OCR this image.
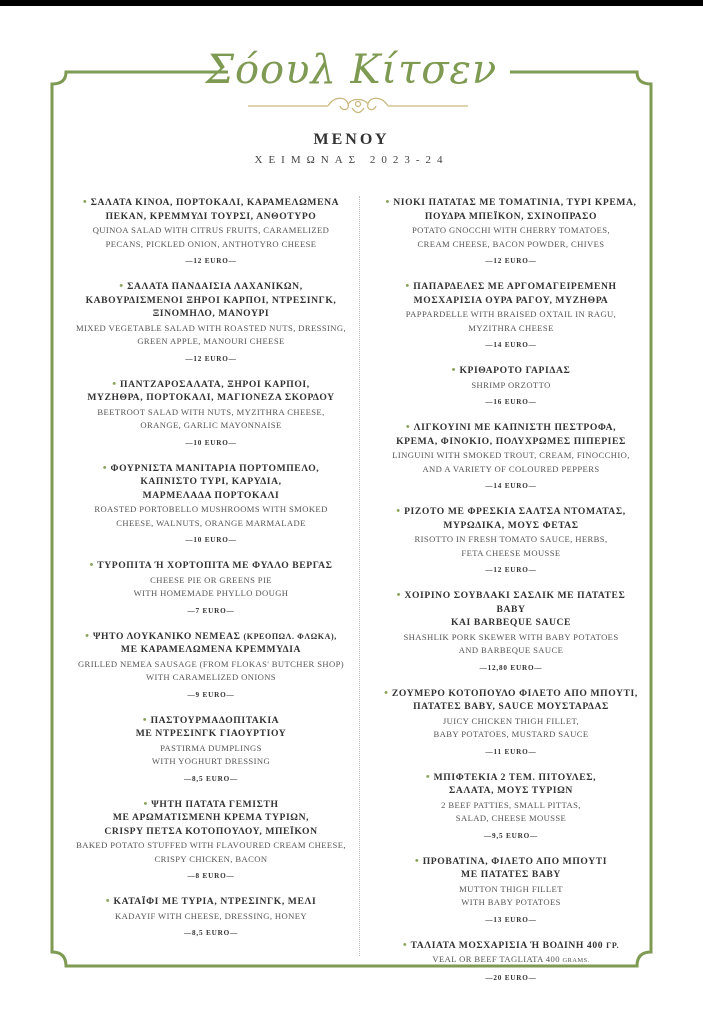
Σόουλ Κίτσεν
ΜΕΝΟΥ
ΧΕΙΜΩΝΑΣ 2023-24
• ΣΑΛΑΤΑ ΚΙΝΟΑ, ΠΟΡΤΟΚΑΛΙ, ΚΑΡΑΜΕΛΩΜΕΝΑ
ΠΕΚΑΝ, ΚΡΕΜΜΥΔΙ ΤΟΥΡΣΙ, ΑΝΘΟΤΥΡΟ
QUINOA SALAD WITH CITRUS FRUITS, CARAMELIZED
PECANS, PICKLED ONION, ANTHOTYRO CHEESE
—12 EURO—
• ΣΑΛΑΤΑ ΠΑΝΔΑΙΣΙΑ ΛΑΧΑΝΙΚΩΝ,
ΚΑΒΟΥΡΔΙΣΜΕΝΟΙ ΞΗΡΟΙ ΚΑΡΠΟΙ, ΝΤΡΕΣΙΝΓΚ,
ΞΙΝΟΜΗΛΟ, ΜΑΝΟΥΡΙ
MIXED VEGETABLE SALAD WITH ROASTED NUTS, DRESSING,
GREEN APPLE, MANOURI CHEESE
—12 EURO—
• ΠΑΝΤΖΑΡΟΣΑΛΑΤΑ, ΞΗΡΟΙ ΚΑΡΠΟΙ,
ΜΥΖΗΘΡΑ, ΠΟΡΤΟΚΑΛΙ, ΜΑΓΙΟΝΕΖΑ ΣΚΟΡΔΟΥ
BEETROOT SALAD WITH NUTS, MYZITHRA CHEESE,
ORANGE, GARLIC MAYONNAISE
—10 EURO—
• ΦΟΥΡΝΙΣΤΑ ΜΑΝΙΤΑΡΙΑ ΠΟΡΤΟΜΠΕΛΟ,
ΚΑΠΝΙΣΤΟ ΤΥΡΙ, ΚΑΡΥΔΙΑ,
ΜΑΡΜΕΛΑΔΑ ΠΟΡΤΟΚΑΛΙ
ROASTED PORTOBELLO MUSHROOMS WITH SMOKED
CHEESE, WALNUTS, ORANGE MARMALADE
—10 EURO—
• ΤΥΡΟΠΙΤΑ Ή ΧΟΡΤΟΠΙΤΑ ΜΕ ΦΥΛΛΟ ΒΕΡΓΑΣ
CHEESE PIE OR GREENS PIE
WITH HOMEMADE PHYLLO DOUGH
—7 EURO—
• ΨΗΤΟ ΛΟΥΚΑΝΙΚΟ ΝΕΜΕΑΣ (ΚΡΕΟΠΩΛ. ΦΛΩΚΑ),
ΜΕ ΚΑΡΑΜΕΛΩΜΕΝΑ ΚΡΕΜΜΥΔΙΑ
GRILLED NEMEA SAUSAGE (FROM FLOKAS' BUTCHER SHOP)
WITH CARAMELIZED ONIONS
—9 EURO—
• ΠΑΣΤΟΥΡΜΑΔΟΠΙΤΑΚΙΑ
ΜΕ ΝΤΡΕΣΙΝΓΚ ΓΙΑΟΥΡΤΙΟΥ
PASTIRMA DUMPLINGS
WITH YOGHURT DRESSING
—8,5 EURO—
• ΨΗΤΗ ΠΑΤΑΤΑ ΓΕΜΙΣΤΗ
ΜΕ ΑΡΩΜΑΤΙΣΜΕΝΗ ΚΡΕΜΑ ΤΥΡΙΩΝ,
CRISPY ΠΕΤΣΑ ΚΟΤΟΠΟΥΛΟΥ, ΜΠΕΪΚΟΝ
BAKED POTATO STUFFED WITH FLAVOURED CREAM CHEESE,
CRISPY CHICKEN, BACON
—8 EURO—
• ΚΑΤΑΪΦΙ ΜΕ ΤΥΡΙΑ, ΝΤΡΕΣΙΝΓΚ, ΜΕΛΙ
KADAYIF WITH CHEESE, DRESSING, HONEY
—8,5 EURO—
• ΝΙΟΚΙ ΠΑΤΑΤΑΣ ΜΕ ΤΟΜΑΤΙΝΙΑ, ΤΥΡΙ ΚΡΕΜΑ,
ΠΟΥΔΡΑ ΜΠΕΪΚΟΝ, ΣΧΙΝΟΠΡΑΣΟ
POTATO GNOCCHI WITH CHERRY TOMATOES,
CREAM CHEESE, BACON POWDER, CHIVES
—12 EURO—
• ΠΑΠΑΡΔΕΛΕΣ ΜΕ ΑΡΓΟΜΑΓΕΙΡΕΜΕΝΗ
ΜΟΣΧΑΡΙΣΙΑ ΟΥΡΑ ΡΑΓΟΥ, ΜΥΖΗΘΡΑ
PAPPARDELLE WITH BRAISED OXTAIL IN RAGU,
MYZITHRA CHEESE
—14 EURO—
• ΚΡΙΘΑΡΟΤΟ ΓΑΡΙΔΑΣ
SHRIMP ORZOTTO
—16 EURO—
• ΛΙΓΚΟΥΙΝΙ ΜΕ ΚΑΠΝΙΣΤΗ ΠΕΣΤΡΟΦΑ,
ΚΡΕΜΑ, ΦΙΝΟΚΙΟ, ΠΟΛΥΧΡΩΜΕΣ ΠΙΠΕΡΙΕΣ
LINGUINI WITH SMOKED TROUT, CREAM, FINOCCHIO,
AND A VARIETY OF COLOURED PEPPERS
—14 EURO—
• ΡΙΖΟΤΟ ΜΕ ΦΡΕΣΚΙΑ ΣΑΛΤΣΑ ΝΤΟΜΑΤΑΣ,
ΜΥΡΩΔΙΚΑ, ΜΟΥΣ ΦΕΤΑΣ
RISOTTO IN FRESH TOMATO SAUCE, HERBS,
FETA CHEESE MOUSSE
—12 EURO—
• ΧΟΙΡΙΝΟ ΣΟΥΒΛΑΚΙ ΣΑΣΛΙΚ ΜΕ ΠΑΤΑΤΕΣ BABY
ΚΑΙ BARBEQUE SAUCE
SHASHLIK PORK SKEWER WITH BABY POTATOES
AND BARBEQUE SAUCE
—12,80 EURO—
• ΖΟΥΜΕΡΟ ΚΟΤΟΠΟΥΛΟ ΦΙΛΕΤΟ ΑΠΟ ΜΠΟΥΤΙ,
ΠΑΤΑΤΕΣ BABY, SAUCE ΜΟΥΣΤΑΡΔΑΣ
JUICY CHICKEN THIGH FILLET,
BABY POTATOES, MUSTARD SAUCE
—11 EURO—
• ΜΠΙΦΤΕΚΙΑ 2 ΤΕΜ. ΠΙΤΟΥΛΕΣ,
ΣΑΛΑΤΑ, ΜΟΥΣ ΤΥΡΙΩΝ
2 BEEF PATTIES, SMALL PITTAS,
SALAD, CHEESE MOUSSE
—9,5 EURO—
• ΠΡΟΒΑΤΙΝΑ, ΦΙΛΕΤΟ ΑΠΟ ΜΠΟΥΤΙ
ΜΕ ΠΑΤΑΤΕΣ BABY
MUTTON THIGH FILLET
WITH BABY POTATOES
—13 EURO—
• ΤΑΛΙΑΤΑ ΜΟΣΧΑΡΙΣΙΑ Ή ΒΟΔΙΝΗ 400 ΓΡ.
VEAL OR BEEF TAGLIATA 400 GRAMS.
—20 EURO—
